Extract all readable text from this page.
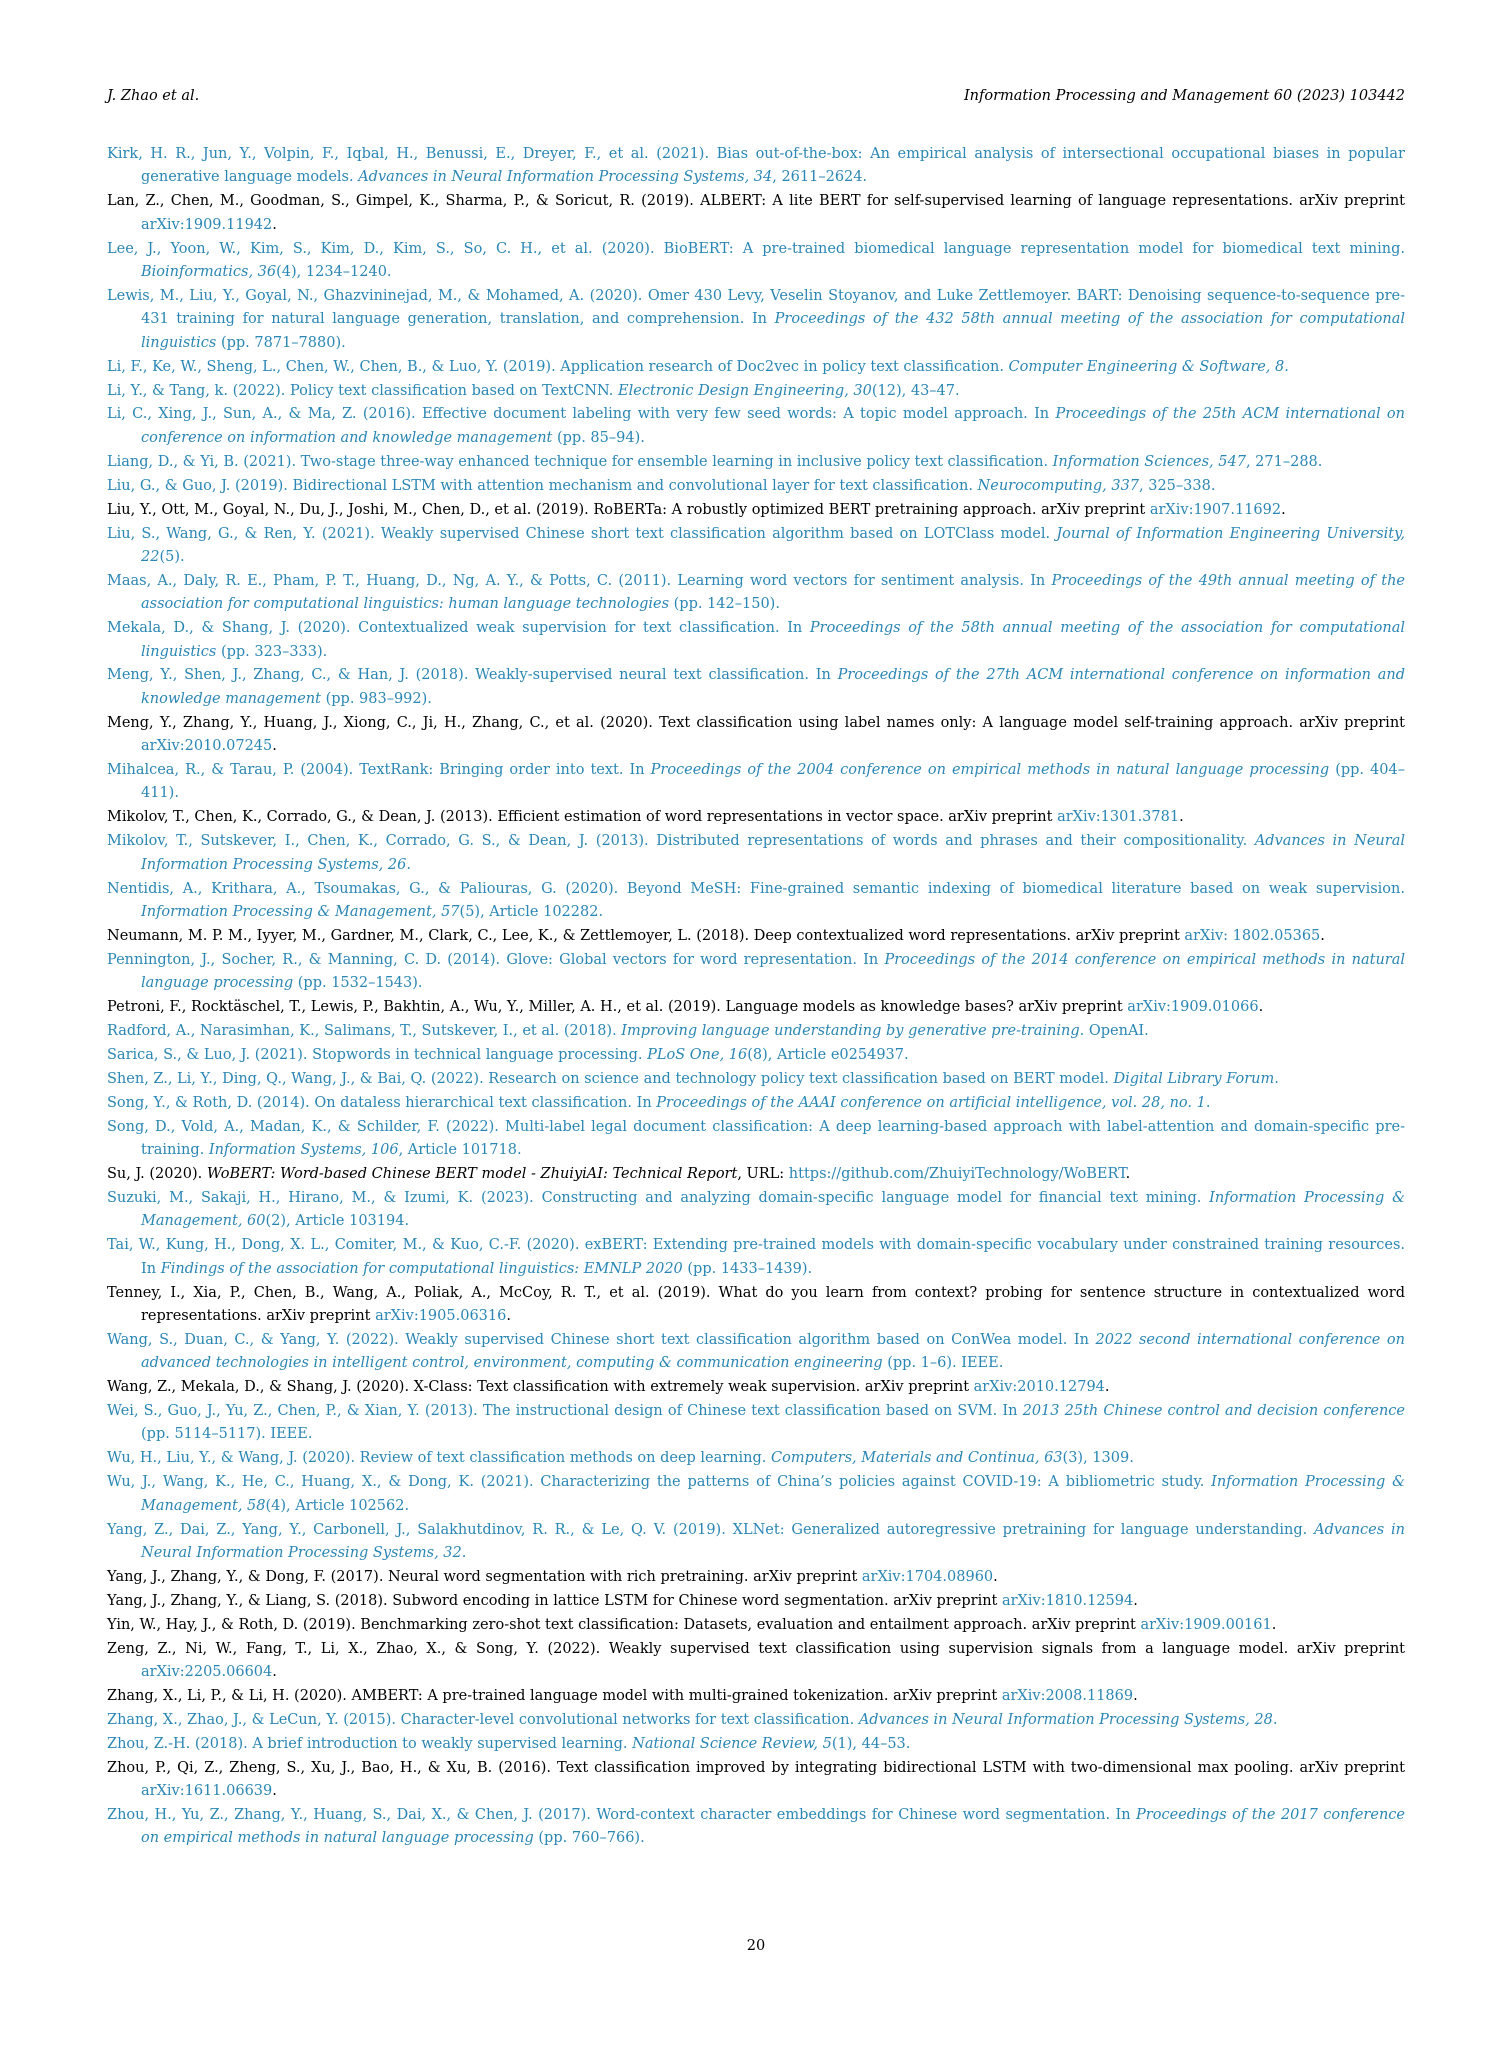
J. Zhao et al.	Information Processing and Management 60 (2023) 103442

Kirk, H. R., Jun, Y., Volpin, F., Iqbal, H., Benussi, E., Dreyer, F., et al. (2021). Bias out-of-the-box: An empirical analysis of intersectional occupational biases in popular generative language models. Advances in Neural Information Processing Systems, 34, 2611–2624.

Lan, Z., Chen, M., Goodman, S., Gimpel, K., Sharma, P., & Soricut, R. (2019). ALBERT: A lite BERT for self-supervised learning of language representations. arXiv preprint arXiv:1909.11942.

Lee, J., Yoon, W., Kim, S., Kim, D., Kim, S., So, C. H., et al. (2020). BioBERT: A pre-trained biomedical language representation model for biomedical text mining. Bioinformatics, 36(4), 1234–1240.

Lewis, M., Liu, Y., Goyal, N., Ghazvininejad, M., & Mohamed, A. (2020). Omer 430 Levy, Veselin Stoyanov, and Luke Zettlemoyer. BART: Denoising sequence-to-sequence pre-431 training for natural language generation, translation, and comprehension. In Proceedings of the 432 58th annual meeting of the association for computational linguistics (pp. 7871–7880).

Li, F., Ke, W., Sheng, L., Chen, W., Chen, B., & Luo, Y. (2019). Application research of Doc2vec in policy text classification. Computer Engineering & Software, 8.

Li, Y., & Tang, k. (2022). Policy text classification based on TextCNN. Electronic Design Engineering, 30(12), 43–47.

Li, C., Xing, J., Sun, A., & Ma, Z. (2016). Effective document labeling with very few seed words: A topic model approach. In Proceedings of the 25th ACM international on conference on information and knowledge management (pp. 85–94).

Liang, D., & Yi, B. (2021). Two-stage three-way enhanced technique for ensemble learning in inclusive policy text classification. Information Sciences, 547, 271–288.

Liu, G., & Guo, J. (2019). Bidirectional LSTM with attention mechanism and convolutional layer for text classification. Neurocomputing, 337, 325–338.

Liu, Y., Ott, M., Goyal, N., Du, J., Joshi, M., Chen, D., et al. (2019). RoBERTa: A robustly optimized BERT pretraining approach. arXiv preprint arXiv:1907.11692.

Liu, S., Wang, G., & Ren, Y. (2021). Weakly supervised Chinese short text classification algorithm based on LOTClass model. Journal of Information Engineering University, 22(5).

Maas, A., Daly, R. E., Pham, P. T., Huang, D., Ng, A. Y., & Potts, C. (2011). Learning word vectors for sentiment analysis. In Proceedings of the 49th annual meeting of the association for computational linguistics: human language technologies (pp. 142–150).

Mekala, D., & Shang, J. (2020). Contextualized weak supervision for text classification. In Proceedings of the 58th annual meeting of the association for computational linguistics (pp. 323–333).

Meng, Y., Shen, J., Zhang, C., & Han, J. (2018). Weakly-supervised neural text classification. In Proceedings of the 27th ACM international conference on information and knowledge management (pp. 983–992).

Meng, Y., Zhang, Y., Huang, J., Xiong, C., Ji, H., Zhang, C., et al. (2020). Text classification using label names only: A language model self-training approach. arXiv preprint arXiv:2010.07245.

Mihalcea, R., & Tarau, P. (2004). TextRank: Bringing order into text. In Proceedings of the 2004 conference on empirical methods in natural language processing (pp. 404–411).

Mikolov, T., Chen, K., Corrado, G., & Dean, J. (2013). Efficient estimation of word representations in vector space. arXiv preprint arXiv:1301.3781.

Mikolov, T., Sutskever, I., Chen, K., Corrado, G. S., & Dean, J. (2013). Distributed representations of words and phrases and their compositionality. Advances in Neural Information Processing Systems, 26.

Nentidis, A., Krithara, A., Tsoumakas, G., & Paliouras, G. (2020). Beyond MeSH: Fine-grained semantic indexing of biomedical literature based on weak supervision. Information Processing & Management, 57(5), Article 102282.

Neumann, M. P. M., Iyyer, M., Gardner, M., Clark, C., Lee, K., & Zettlemoyer, L. (2018). Deep contextualized word representations. arXiv preprint arXiv: 1802.05365.

Pennington, J., Socher, R., & Manning, C. D. (2014). Glove: Global vectors for word representation. In Proceedings of the 2014 conference on empirical methods in natural language processing (pp. 1532–1543).

Petroni, F., Rocktäschel, T., Lewis, P., Bakhtin, A., Wu, Y., Miller, A. H., et al. (2019). Language models as knowledge bases? arXiv preprint arXiv:1909.01066.

Radford, A., Narasimhan, K., Salimans, T., Sutskever, I., et al. (2018). Improving language understanding by generative pre-training. OpenAI.

Sarica, S., & Luo, J. (2021). Stopwords in technical language processing. PLoS One, 16(8), Article e0254937.

Shen, Z., Li, Y., Ding, Q., Wang, J., & Bai, Q. (2022). Research on science and technology policy text classification based on BERT model. Digital Library Forum.

Song, Y., & Roth, D. (2014). On dataless hierarchical text classification. In Proceedings of the AAAI conference on artificial intelligence, vol. 28, no. 1.

Song, D., Vold, A., Madan, K., & Schilder, F. (2022). Multi-label legal document classification: A deep learning-based approach with label-attention and domain-specific pre-training. Information Systems, 106, Article 101718.

Su, J. (2020). WoBERT: Word-based Chinese BERT model - ZhuiyiAI: Technical Report, URL: https://github.com/ZhuiyiTechnology/WoBERT.

Suzuki, M., Sakaji, H., Hirano, M., & Izumi, K. (2023). Constructing and analyzing domain-specific language model for financial text mining. Information Processing & Management, 60(2), Article 103194.

Tai, W., Kung, H., Dong, X. L., Comiter, M., & Kuo, C.-F. (2020). exBERT: Extending pre-trained models with domain-specific vocabulary under constrained training resources. In Findings of the association for computational linguistics: EMNLP 2020 (pp. 1433–1439).

Tenney, I., Xia, P., Chen, B., Wang, A., Poliak, A., McCoy, R. T., et al. (2019). What do you learn from context? probing for sentence structure in contextualized word representations. arXiv preprint arXiv:1905.06316.

Wang, S., Duan, C., & Yang, Y. (2022). Weakly supervised Chinese short text classification algorithm based on ConWea model. In 2022 second international conference on advanced technologies in intelligent control, environment, computing & communication engineering (pp. 1–6). IEEE.

Wang, Z., Mekala, D., & Shang, J. (2020). X-Class: Text classification with extremely weak supervision. arXiv preprint arXiv:2010.12794.

Wei, S., Guo, J., Yu, Z., Chen, P., & Xian, Y. (2013). The instructional design of Chinese text classification based on SVM. In 2013 25th Chinese control and decision conference (pp. 5114–5117). IEEE.

Wu, H., Liu, Y., & Wang, J. (2020). Review of text classification methods on deep learning. Computers, Materials and Continua, 63(3), 1309.

Wu, J., Wang, K., He, C., Huang, X., & Dong, K. (2021). Characterizing the patterns of China’s policies against COVID-19: A bibliometric study. Information Processing & Management, 58(4), Article 102562.

Yang, Z., Dai, Z., Yang, Y., Carbonell, J., Salakhutdinov, R. R., & Le, Q. V. (2019). XLNet: Generalized autoregressive pretraining for language understanding. Advances in Neural Information Processing Systems, 32.

Yang, J., Zhang, Y., & Dong, F. (2017). Neural word segmentation with rich pretraining. arXiv preprint arXiv:1704.08960.

Yang, J., Zhang, Y., & Liang, S. (2018). Subword encoding in lattice LSTM for Chinese word segmentation. arXiv preprint arXiv:1810.12594.

Yin, W., Hay, J., & Roth, D. (2019). Benchmarking zero-shot text classification: Datasets, evaluation and entailment approach. arXiv preprint arXiv:1909.00161.

Zeng, Z., Ni, W., Fang, T., Li, X., Zhao, X., & Song, Y. (2022). Weakly supervised text classification using supervision signals from a language model. arXiv preprint arXiv:2205.06604.

Zhang, X., Li, P., & Li, H. (2020). AMBERT: A pre-trained language model with multi-grained tokenization. arXiv preprint arXiv:2008.11869.

Zhang, X., Zhao, J., & LeCun, Y. (2015). Character-level convolutional networks for text classification. Advances in Neural Information Processing Systems, 28.

Zhou, Z.-H. (2018). A brief introduction to weakly supervised learning. National Science Review, 5(1), 44–53.

Zhou, P., Qi, Z., Zheng, S., Xu, J., Bao, H., & Xu, B. (2016). Text classification improved by integrating bidirectional LSTM with two-dimensional max pooling. arXiv preprint arXiv:1611.06639.

Zhou, H., Yu, Z., Zhang, Y., Huang, S., Dai, X., & Chen, J. (2017). Word-context character embeddings for Chinese word segmentation. In Proceedings of the 2017 conference on empirical methods in natural language processing (pp. 760–766).

20
